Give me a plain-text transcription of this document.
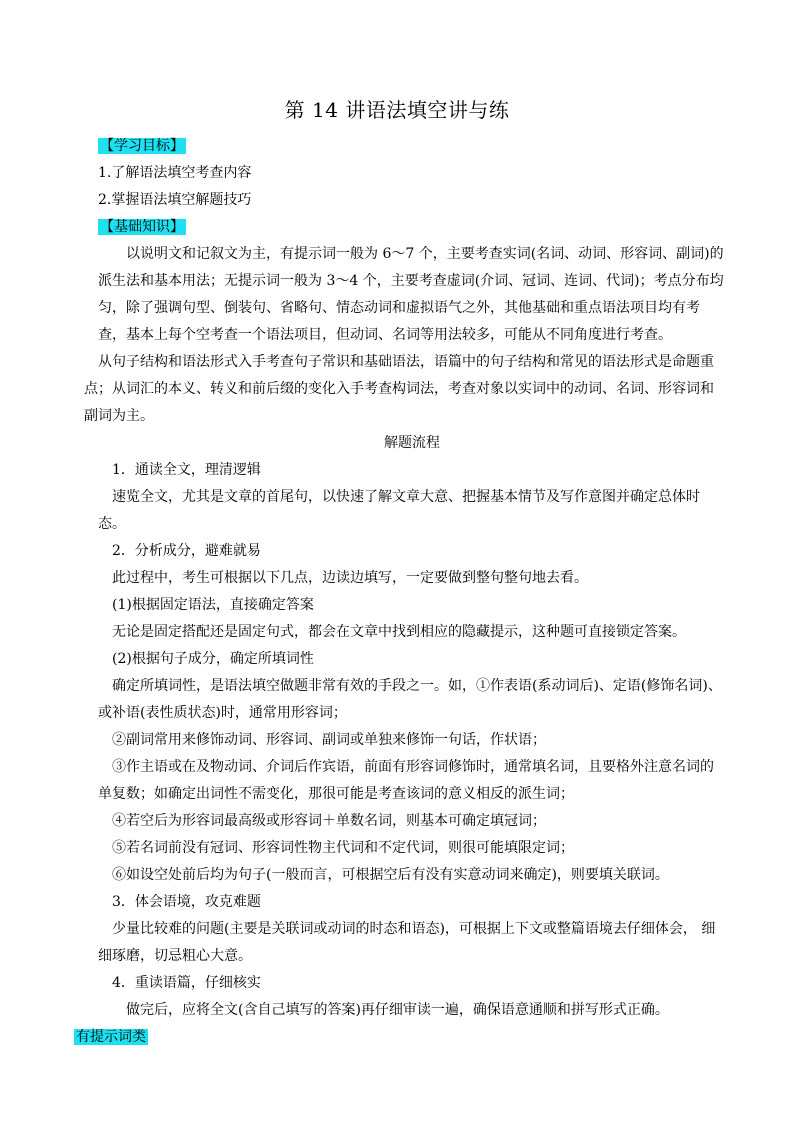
第 14 讲语法填空讲与练

【学习目标】

1.了解语法填空考查内容

2.掌握语法填空解题技巧

【基础知识】

以说明文和记叙文为主，有提示词一般为 6～7 个，主要考查实词(名词、动词、形容词、副词)的派生法和基本用法；无提示词一般为 3～4 个，主要考查虚词(介词、冠词、连词、代词)；考点分布均匀，除了强调句型、倒装句、省略句、情态动词和虚拟语气之外，其他基础和重点语法项目均有考查，基本上每个空考查一个语法项目，但动词、名词等用法较多，可能从不同角度进行考查。

从句子结构和语法形式入手考查句子常识和基础语法，语篇中的句子结构和常见的语法形式是命题重点；从词汇的本义、转义和前后缀的变化入手考查构词法，考查对象以实词中的动词、名词、形容词和副词为主。

解题流程

1．通读全文，理清逻辑

速览全文，尤其是文章的首尾句，以快速了解文章大意、把握基本情节及写作意图并确定总体时态。

2．分析成分，避难就易

此过程中，考生可根据以下几点，边读边填写，一定要做到整句整句地去看。

(1)根据固定语法，直接确定答案

无论是固定搭配还是固定句式，都会在文章中找到相应的隐藏提示，这种题可直接锁定答案。

(2)根据句子成分，确定所填词性

确定所填词性，是语法填空做题非常有效的手段之一。如，①作表语(系动词后)、定语(修饰名词)、或补语(表性质状态)时，通常用形容词；

②副词常用来修饰动词、形容词、副词或单独来修饰一句话，作状语；

③作主语或在及物动词、介词后作宾语，前面有形容词修饰时，通常填名词，且要格外注意名词的单复数；如确定出词性不需变化，那很可能是考查该词的意义相反的派生词；

④若空后为形容词最高级或形容词＋单数名词，则基本可确定填冠词；

⑤若名词前没有冠词、形容词性物主代词和不定代词，则很可能填限定词；

⑥如设空处前后均为句子(一般而言，可根据空后有没有实意动词来确定)，则要填关联词。

3．体会语境，攻克难题

少量比较难的问题(主要是关联词或动词的时态和语态)，可根据上下文或整篇语境去仔细体会， 细细琢磨，切忌粗心大意。

4．重读语篇，仔细核实

做完后，应将全文(含自己填写的答案)再仔细审读一遍，确保语意通顺和拼写形式正确。

有提示词类
